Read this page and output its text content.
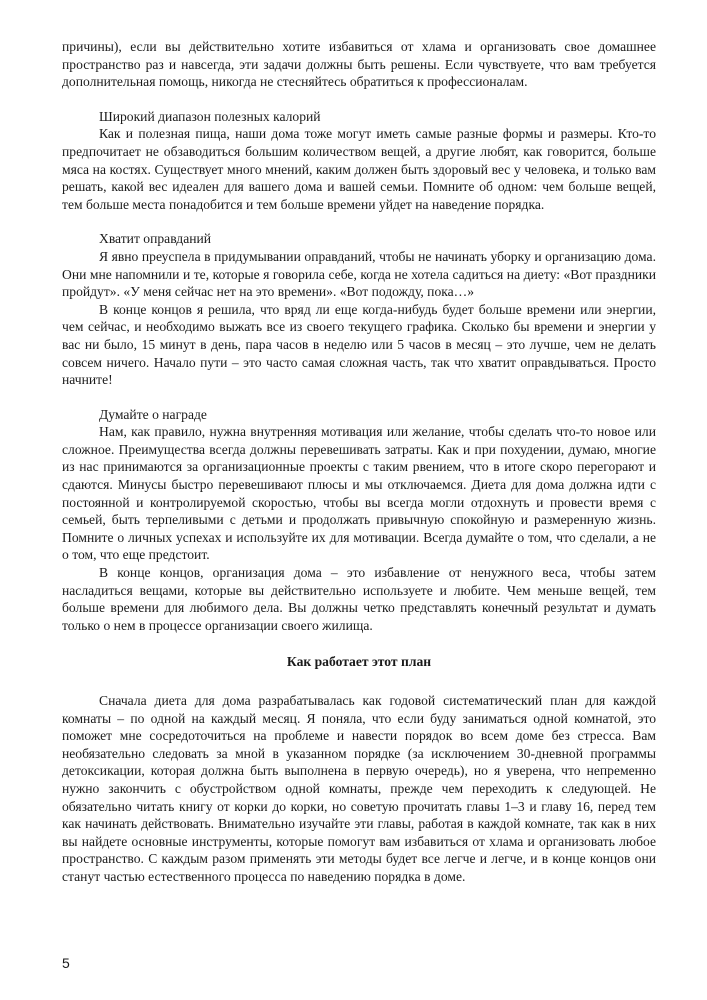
причины), если вы действительно хотите избавиться от хлама и организовать свое домашнее пространство раз и навсегда, эти задачи должны быть решены. Если чувствуете, что вам требуется дополнительная помощь, никогда не стесняйтесь обратиться к профессионалам.

Широкий диапазон полезных калорий

Как и полезная пища, наши дома тоже могут иметь самые разные формы и размеры. Кто-то предпочитает не обзаводиться большим количеством вещей, а другие любят, как говорится, больше мяса на костях. Существует много мнений, каким должен быть здоровый вес у человека, и только вам решать, какой вес идеален для вашего дома и вашей семьи. Помните об одном: чем больше вещей, тем больше места понадобится и тем больше времени уйдет на наведение порядка.

Хватит оправданий

Я явно преуспела в придумывании оправданий, чтобы не начинать уборку и организацию дома. Они мне напомнили и те, которые я говорила себе, когда не хотела садиться на диету: «Вот праздники пройдут». «У меня сейчас нет на это времени». «Вот подожду, пока…»

В конце концов я решила, что вряд ли еще когда-нибудь будет больше времени или энергии, чем сейчас, и необходимо выжать все из своего текущего графика. Сколько бы времени и энергии у вас ни было, 15 минут в день, пара часов в неделю или 5 часов в месяц – это лучше, чем не делать совсем ничего. Начало пути – это часто самая сложная часть, так что хватит оправдываться. Просто начните!

Думайте о награде

Нам, как правило, нужна внутренняя мотивация или желание, чтобы сделать что-то новое или сложное. Преимущества всегда должны перевешивать затраты. Как и при похудении, думаю, многие из нас принимаются за организационные проекты с таким рвением, что в итоге скоро перегорают и сдаются. Минусы быстро перевешивают плюсы и мы отключаемся. Диета для дома должна идти с постоянной и контролируемой скоростью, чтобы вы всегда могли отдохнуть и провести время с семьей, быть терпеливыми с детьми и продолжать привычную спокойную и размеренную жизнь. Помните о личных успехах и используйте их для мотивации. Всегда думайте о том, что сделали, а не о том, что еще предстоит.

В конце концов, организация дома – это избавление от ненужного веса, чтобы затем насладиться вещами, которые вы действительно используете и любите. Чем меньше вещей, тем больше времени для любимого дела. Вы должны четко представлять конечный результат и думать только о нем в процессе организации своего жилища.

Как работает этот план

Сначала диета для дома разрабатывалась как годовой систематический план для каждой комнаты – по одной на каждый месяц. Я поняла, что если буду заниматься одной комнатой, это поможет мне сосредоточиться на проблеме и навести порядок во всем доме без стресса. Вам необязательно следовать за мной в указанном порядке (за исключением 30-дневной программы детоксикации, которая должна быть выполнена в первую очередь), но я уверена, что непременно нужно закончить с обустройством одной комнаты, прежде чем переходить к следующей. Не обязательно читать книгу от корки до корки, но советую прочитать главы 1–3 и главу 16, перед тем как начинать действовать. Внимательно изучайте эти главы, работая в каждой комнате, так как в них вы найдете основные инструменты, которые помогут вам избавиться от хлама и организовать любое пространство. С каждым разом применять эти методы будет все легче и легче, и в конце концов они станут частью естественного процесса по наведению порядка в доме.

5
